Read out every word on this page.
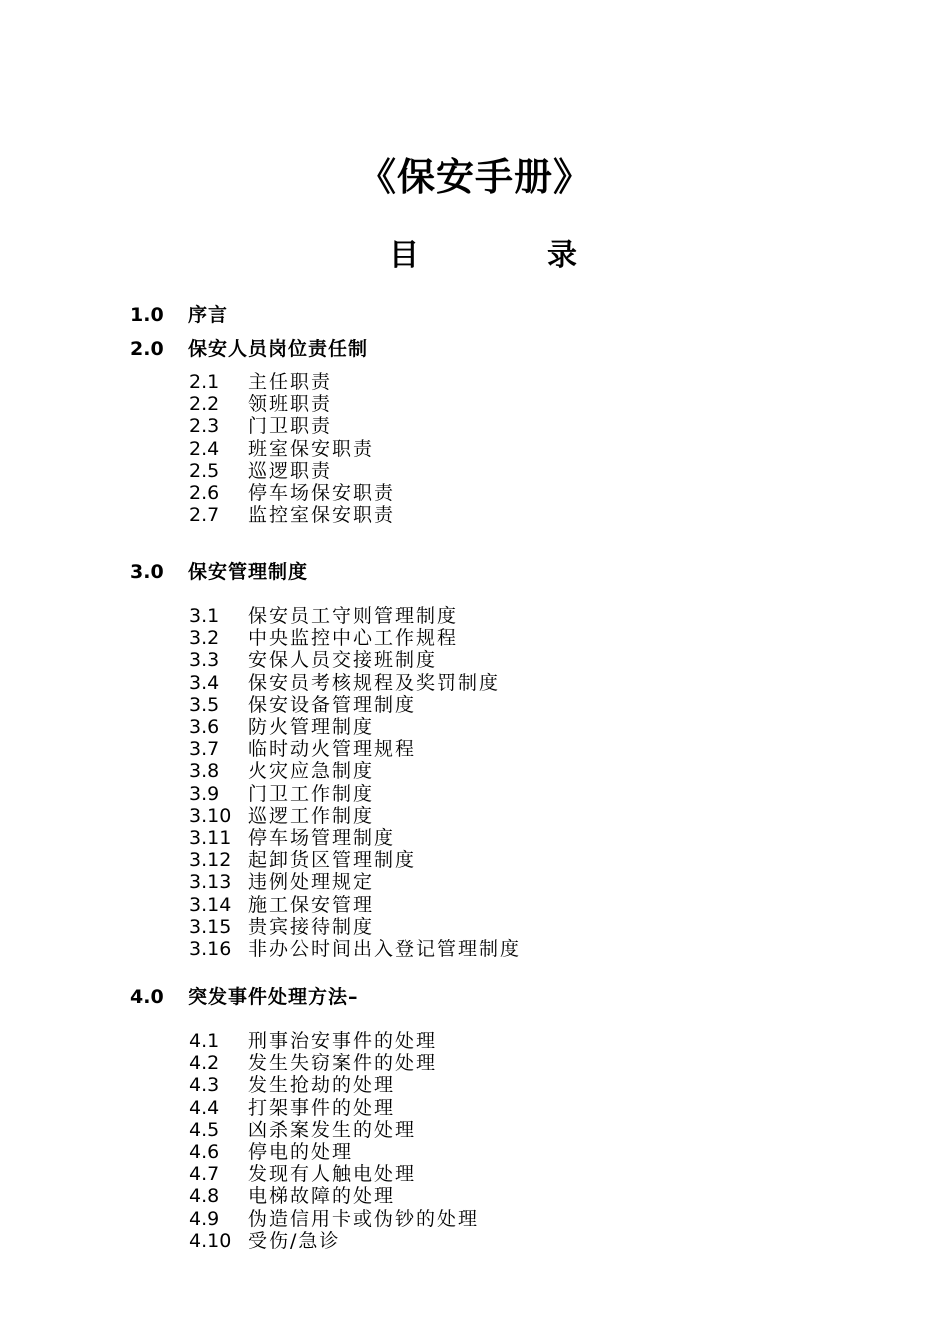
《保安手册》
目	录
1.0 序言
2.0 保安人员岗位责任制
2.1 主任职责
2.2 领班职责
2.3 门卫职责
2.4 班室保安职责
2.5 巡逻职责
2.6 停车场保安职责
2.7 监控室保安职责
3.0 保安管理制度
3.1 保安员工守则管理制度
3.2 中央监控中心工作规程
3.3 安保人员交接班制度
3.4 保安员考核规程及奖罚制度
3.5 保安设备管理制度
3.6 防火管理制度
3.7 临时动火管理规程
3.8 火灾应急制度
3.9 门卫工作制度
3.10 巡逻工作制度
3.11 停车场管理制度
3.12 起卸货区管理制度
3.13 违例处理规定
3.14 施工保安管理
3.15 贵宾接待制度
3.16 非办公时间出入登记管理制度
4.0 突发事件处理方法–
4.1 刑事治安事件的处理
4.2 发生失窃案件的处理
4.3 发生抢劫的处理
4.4 打架事件的处理
4.5 凶杀案发生的处理
4.6 停电的处理
4.7 发现有人触电处理
4.8 电梯故障的处理
4.9 伪造信用卡或伪钞的处理
4.10 受伤/急诊
